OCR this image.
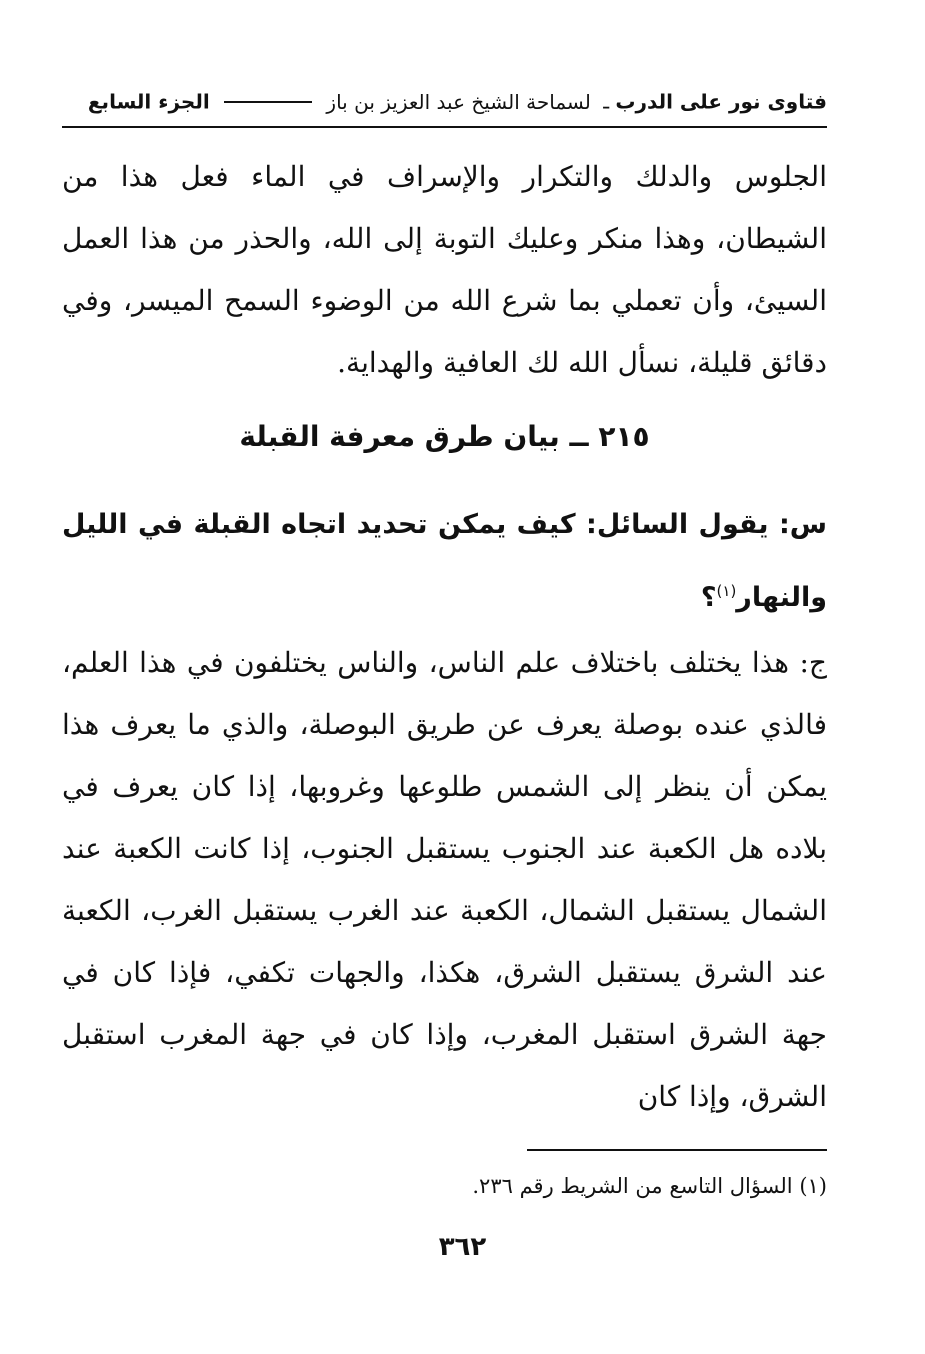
فتاوى نور على الدرب ـ لسماحة الشيخ عبد العزيز بن باز  الجزء السابع
الجلوس والدلك والتكرار والإسراف في الماء فعل هذا من الشيطان، وهذا منكر وعليك التوبة إلى الله، والحذر من هذا العمل السيئ، وأن تعملي بما شرع الله من الوضوء السمح الميسر، وفي دقائق قليلة، نسأل الله لك العافية والهداية.
٢١٥ ــ بيان طرق معرفة القبلة
س: يقول السائل: كيف يمكن تحديد اتجاه القبلة في الليل والنهار$^{(١)}$؟
ج: هذا يختلف باختلاف علم الناس، والناس يختلفون في هذا العلم، فالذي عنده بوصلة يعرف عن طريق البوصلة، والذي ما يعرف هذا يمكن أن ينظر إلى الشمس طلوعها وغروبها، إذا كان يعرف في بلاده هل الكعبة عند الجنوب يستقبل الجنوب، إذا كانت الكعبة عند الشمال يستقبل الشمال، الكعبة عند الغرب يستقبل الغرب، الكعبة عند الشرق يستقبل الشرق، هكذا، والجهات تكفي، فإذا كان في جهة الشرق استقبل المغرب، وإذا كان في جهة المغرب استقبل الشرق، وإذا كان
(١) السؤال التاسع من الشريط رقم ٢٣٦.
٣٦٢
